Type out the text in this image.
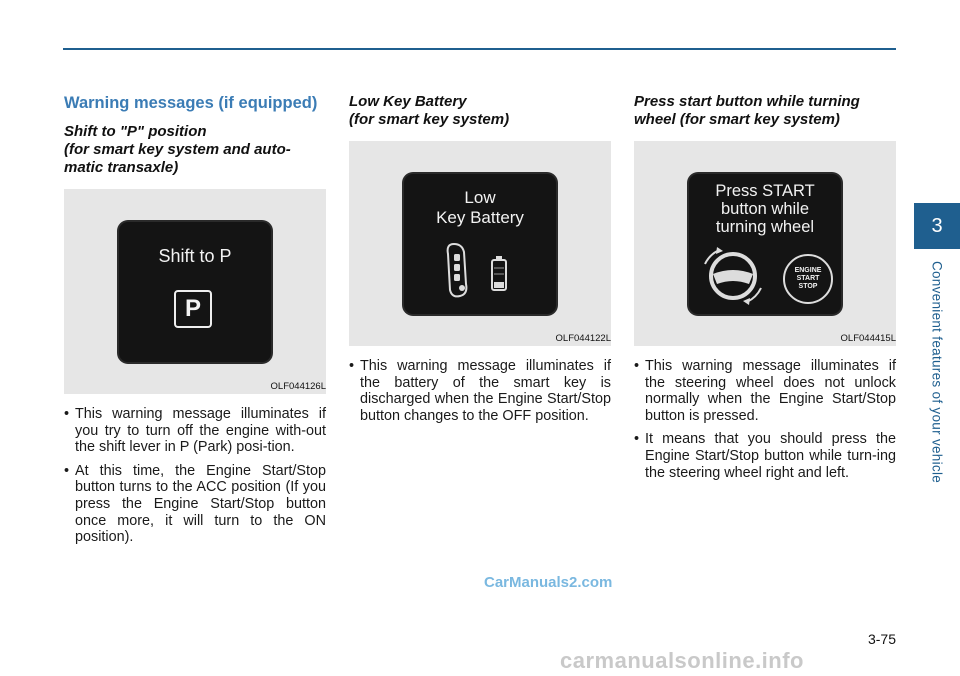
Warning messages (if equipped)
Shift to "P" position
(for smart key system and auto-
matic transaxle)
Shift to P
P
OLF044126L
• This warning message illuminates if you try to turn off the engine with-out the shift lever in P (Park) posi-tion.
• At this time, the Engine Start/Stop button turns to the ACC position (If you press the Engine Start/Stop button once more, it will turn to the ON position).
Low Key Battery
(for smart key system)
Low
Key Battery
OLF044122L
• This warning message illuminates if the battery of the smart key is discharged when the Engine Start/Stop button changes to the OFF position.
Press start button while turning
wheel (for smart key system)
Press START
button while
turning wheel
ENGINE
START
STOP
OLF044415L
• This warning message illuminates if the steering wheel does not unlock normally when the Engine Start/Stop button is pressed.
• It means that you should press the Engine Start/Stop button while turn-ing the steering wheel right and left.
3
Convenient features of your vehicle
CarManuals2.com
3-75
carmanualsonline.info
